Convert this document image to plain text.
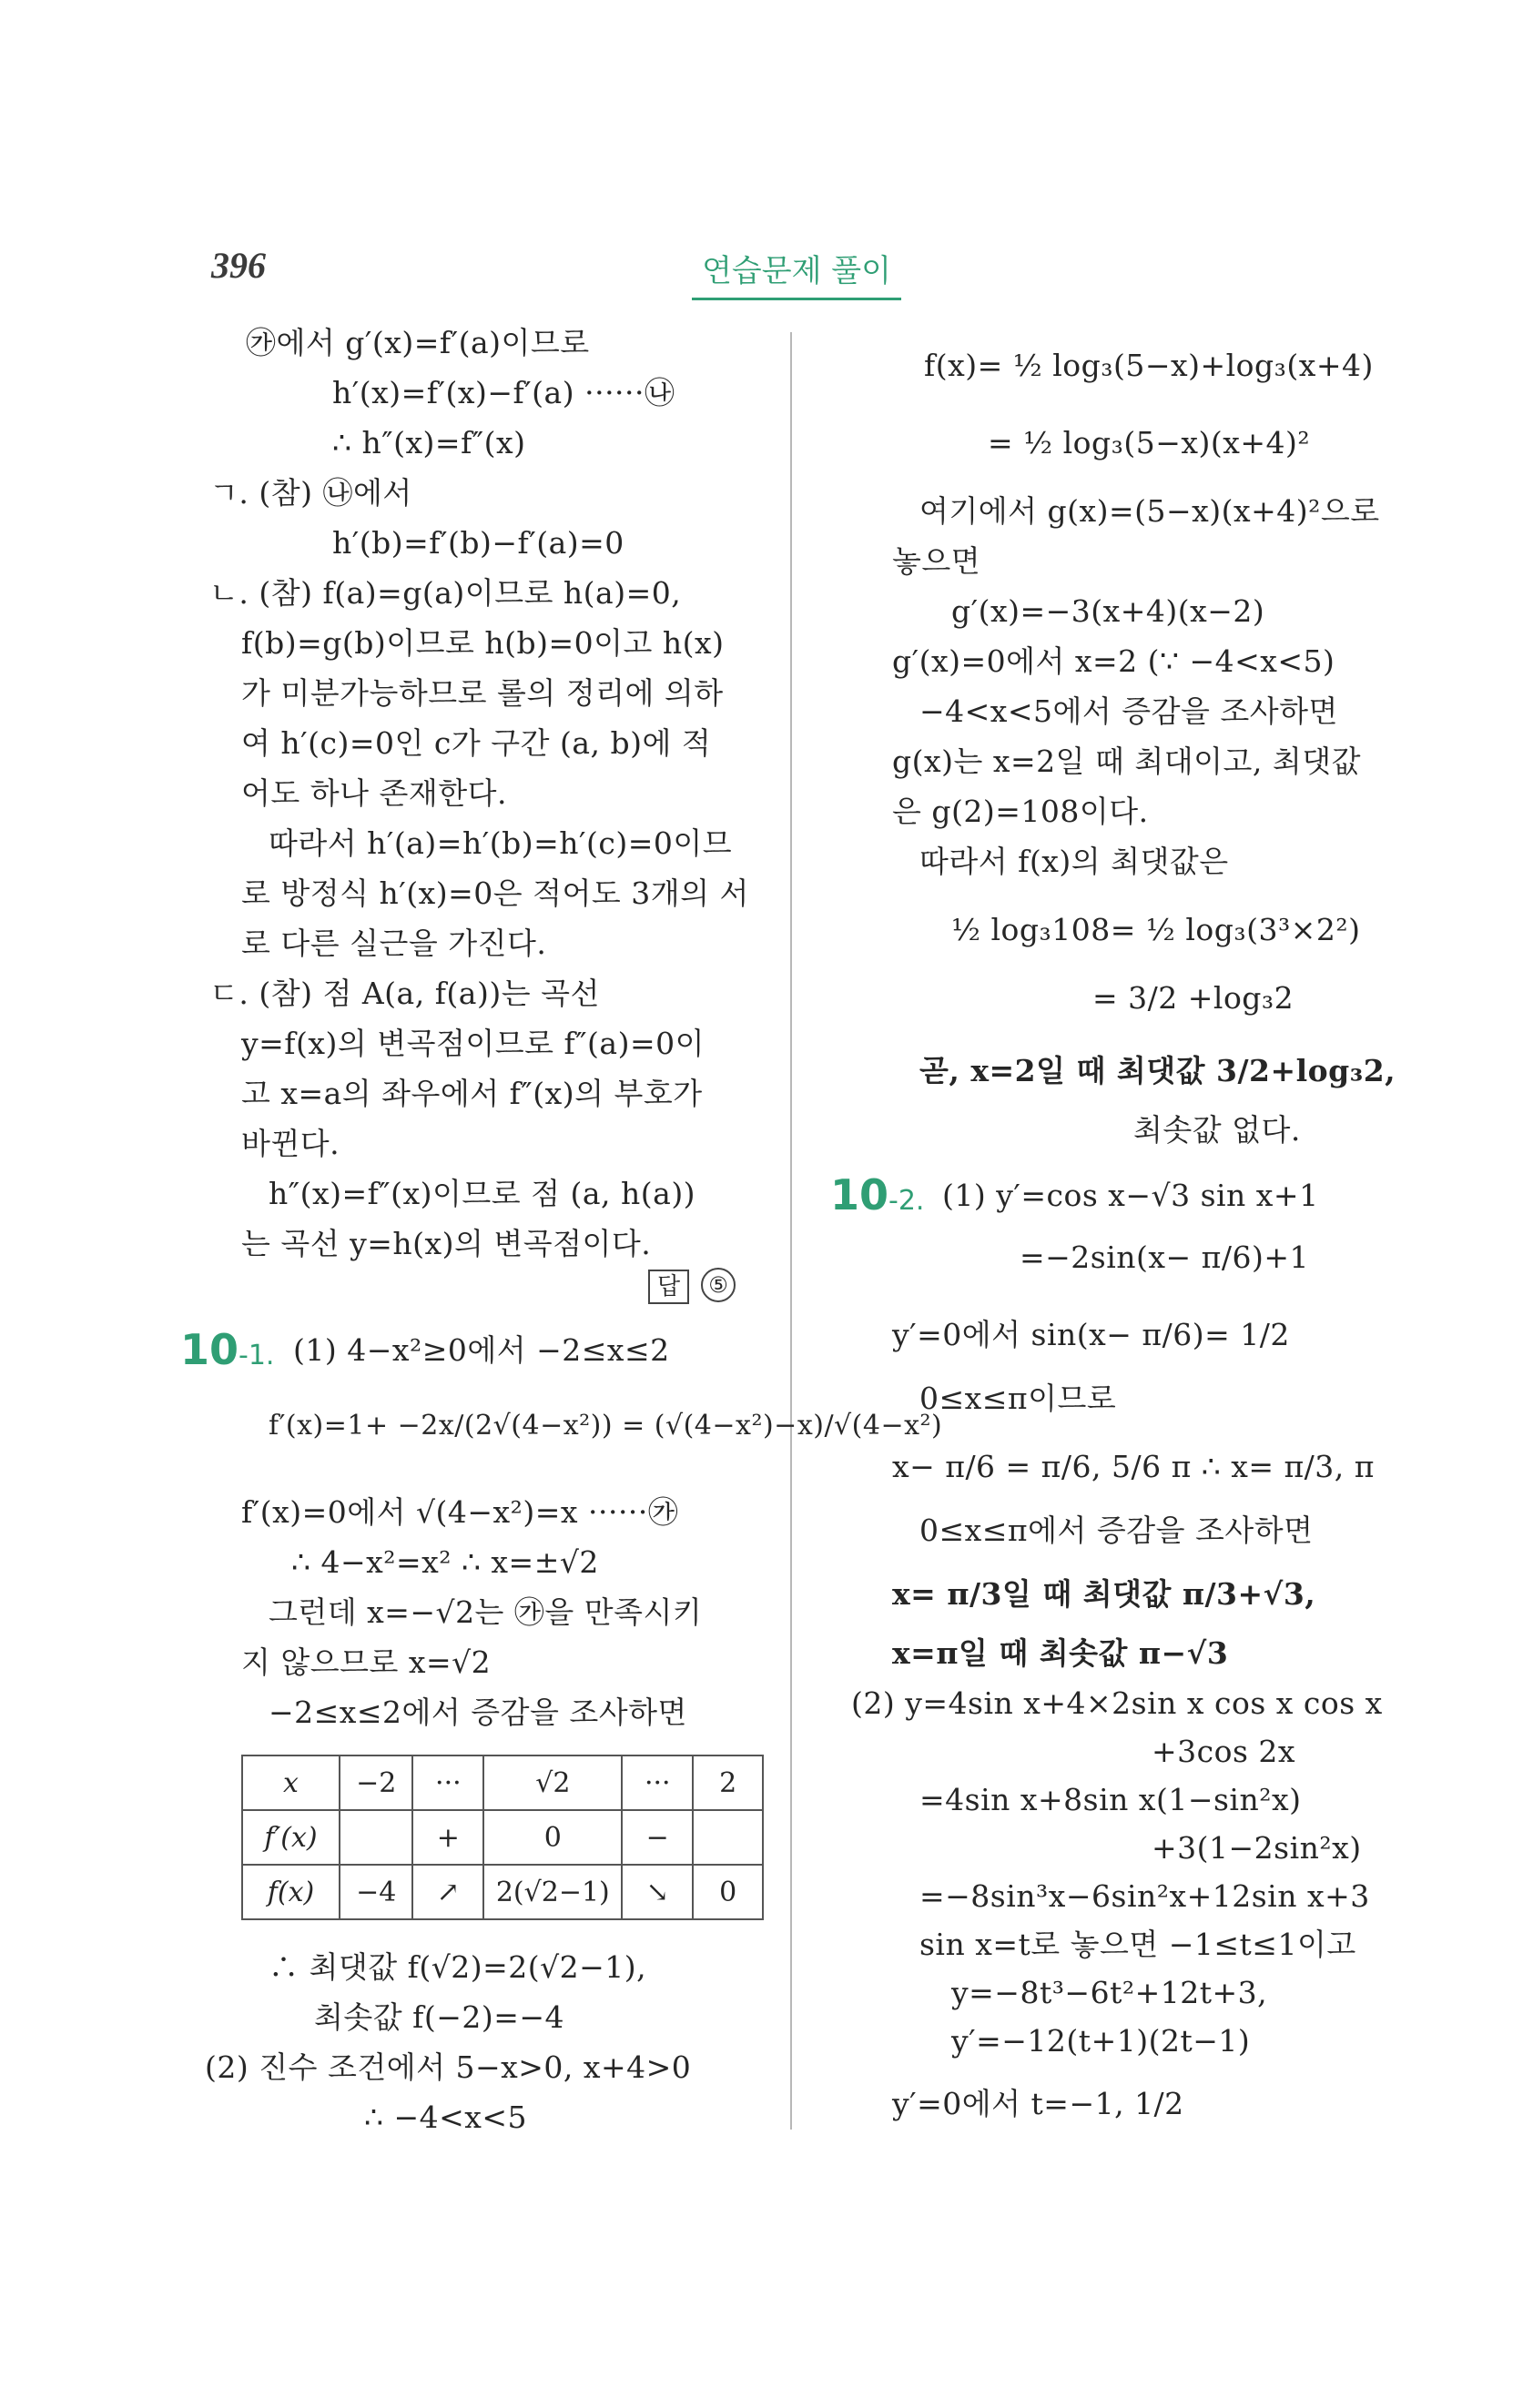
396	연습문제 풀이
㉮에서 g′(x)=f′(a)이므로
h′(x)=f′(x)−f′(a) ······㉯
∴ h″(x)=f″(x)
ㄱ. (참) ㉯에서
h′(b)=f′(b)−f′(a)=0
ㄴ. (참) f(a)=g(a)이므로 h(a)=0,
f(b)=g(b)이므로 h(b)=0이고 h(x)
가 미분가능하므로 롤의 정리에 의하
여 h′(c)=0인 c가 구간 (a, b)에 적
어도 하나 존재한다.
따라서 h′(a)=h′(b)=h′(c)=0이므
로 방정식 h′(x)=0은 적어도 3개의 서
로 다른 실근을 가진다.
ㄷ. (참) 점 A(a, f(a))는 곡선
y=f(x)의 변곡점이므로 f″(a)=0이
고 x=a의 좌우에서 f″(x)의 부호가
바뀐다.
h″(x)=f″(x)이므로 점 (a, h(a))
는 곡선 y=h(x)의 변곡점이다.
답	⑤
10-1. (1) 4−x²≥0에서 −2≤x≤2
f′(x)=1+ −2x/(2√(4−x²)) = (√(4−x²)−x)/√(4−x²)
f′(x)=0에서 √(4−x²)=x ······㉮
∴ 4−x²=x² ∴ x=±√2
그런데 x=−√2는 ㉮을 만족시키
지 않으므로 x=√2
−2≤x≤2에서 증감을 조사하면
x	−2	···	√2	···	2
f′(x)		+	0	−	
f(x)	−4	↗	2(√2−1)	↘	0
∴ 최댓값 f(√2)=2(√2−1),
최솟값 f(−2)=−4
(2) 진수 조건에서 5−x>0, x+4>0
∴ −4<x<5
f(x)= ½ log₃(5−x)+log₃(x+4)
= ½ log₃(5−x)(x+4)²
여기에서 g(x)=(5−x)(x+4)²으로
놓으면
g′(x)=−3(x+4)(x−2)
g′(x)=0에서 x=2 (∵ −4<x<5)
−4<x<5에서 증감을 조사하면
g(x)는 x=2일 때 최대이고, 최댓값
은 g(2)=108이다.
따라서 f(x)의 최댓값은
½ log₃108= ½ log₃(3³×2²)
= 3/2 +log₃2
곧, x=2일 때 최댓값 3/2+log₃2,
최솟값 없다.
10-2. (1) y′=cos x−√3 sin x+1
=−2sin(x− π/6)+1
y′=0에서 sin(x− π/6)= 1/2
0≤x≤π이므로
x− π/6 = π/6, 5/6 π ∴ x= π/3, π
0≤x≤π에서 증감을 조사하면
x= π/3일 때 최댓값 π/3+√3,
x=π일 때 최솟값 π−√3
(2) y=4sin x+4×2sin x cos x cos x
+3cos 2x
=4sin x+8sin x(1−sin²x)
+3(1−2sin²x)
=−8sin³x−6sin²x+12sin x+3
sin x=t로 놓으면 −1≤t≤1이고
y=−8t³−6t²+12t+3,
y′=−12(t+1)(2t−1)
y′=0에서 t=−1, 1/2
